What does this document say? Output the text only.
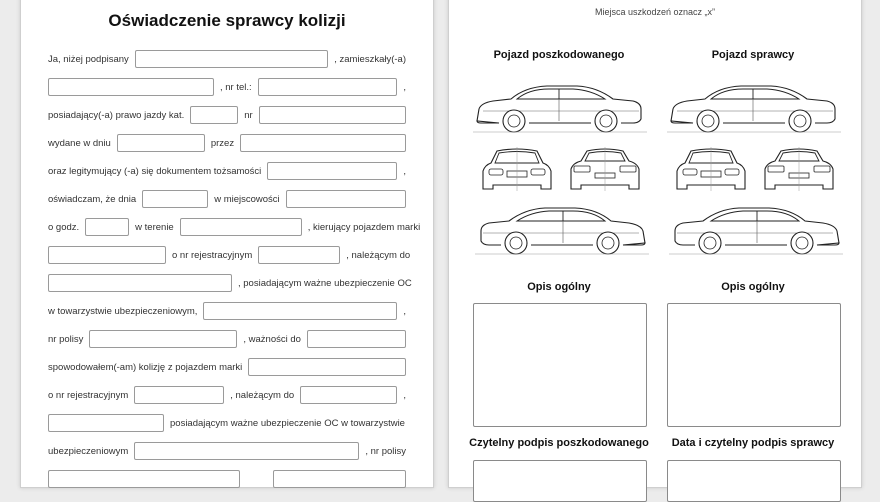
Oświadczenie sprawcy kolizji
Ja, niżej podpisany	, zamieszkały(-a)
, nr tel.:	,
posiadający(-a) prawo jazdy kat.	nr
wydane w dniu	przez
oraz legitymujący (-a) się dokumentem tożsamości	,
oświadczam, że dnia	w miejscowości
o godz.	w terenie	, kierujący pojazdem marki
o nr rejestracyjnym	, należącym do
, posiadającym ważne ubezpieczenie OC
w towarzystwie ubezpieczeniowym,	,
nr polisy	, ważności do
spowodowałem(-am) kolizję z pojazdem marki
o nr rejestracyjnym	, należącym do	,
posiadającym ważne ubezpieczenie OC w towarzystwie
ubezpieczeniowym	, nr polisy
Miejsca uszkodzeń oznacz „x”
Pojazd poszkodowanego	Pojazd sprawcy
Opis ogólny	Opis ogólny
Czytelny podpis poszkodowanego	Data i czytelny podpis sprawcy
